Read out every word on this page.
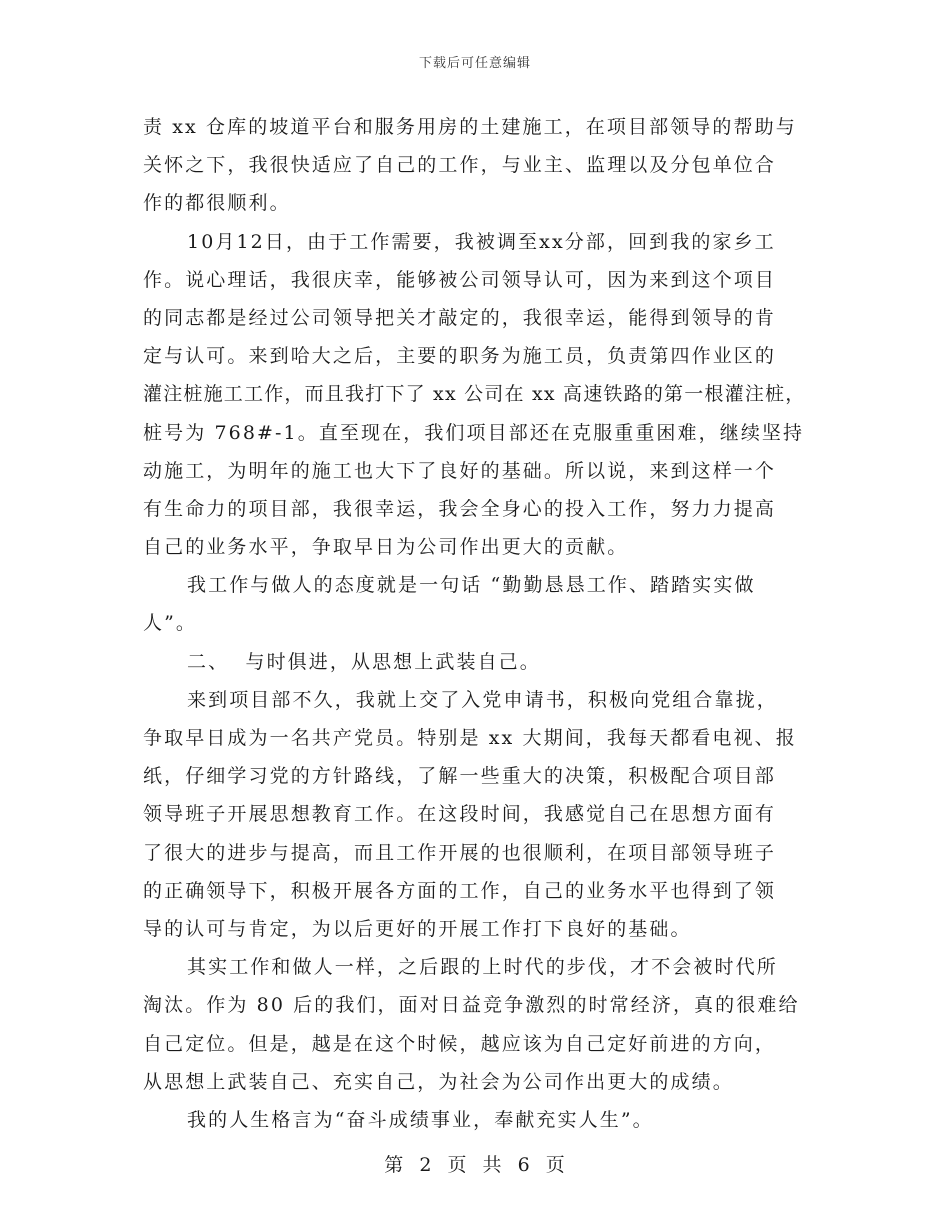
下载后可任意编辑
责 xx 仓库的坡道平台和服务用房的土建施工，在项目部领导的帮助与
关怀之下，我很快适应了自己的工作，与业主、监理以及分包单位合
作的都很顺利。
10月12日，由于工作需要，我被调至xx分部，回到我的家乡工
作。说心理话，我很庆幸，能够被公司领导认可，因为来到这个项目
的同志都是经过公司领导把关才敲定的，我很幸运，能得到领导的肯
定与认可。来到哈大之后，主要的职务为施工员，负责第四作业区的
灌注桩施工工作，而且我打下了 xx 公司在 xx 高速铁路的第一根灌注桩，
桩号为 768#-1。直至现在，我们项目部还在克服重重困难，继续坚持
动施工，为明年的施工也大下了良好的基础。所以说，来到这样一个
有生命力的项目部，我很幸运，我会全身心的投入工作，努力力提高
自己的业务水平，争取早日为公司作出更大的贡献。
我工作与做人的态度就是一句话 “勤勤恳恳工作、踏踏实实做
人”。
二、  与时俱进，从思想上武装自己。
来到项目部不久，我就上交了入党申请书，积极向党组合靠拢，
争取早日成为一名共产党员。特别是 xx 大期间，我每天都看电视、报
纸，仔细学习党的方针路线，了解一些重大的决策，积极配合项目部
领导班子开展思想教育工作。在这段时间，我感觉自己在思想方面有
了很大的进步与提高，而且工作开展的也很顺利，在项目部领导班子
的正确领导下，积极开展各方面的工作，自己的业务水平也得到了领
导的认可与肯定，为以后更好的开展工作打下良好的基础。
其实工作和做人一样，之后跟的上时代的步伐，才不会被时代所
淘汰。作为 80 后的我们，面对日益竞争激烈的时常经济，真的很难给
自己定位。但是，越是在这个时候，越应该为自己定好前进的方向，
从思想上武装自己、充实自己，为社会为公司作出更大的成绩。
我的人生格言为“奋斗成绩事业，奉献充实人生”。
第 2 页 共 6 页
